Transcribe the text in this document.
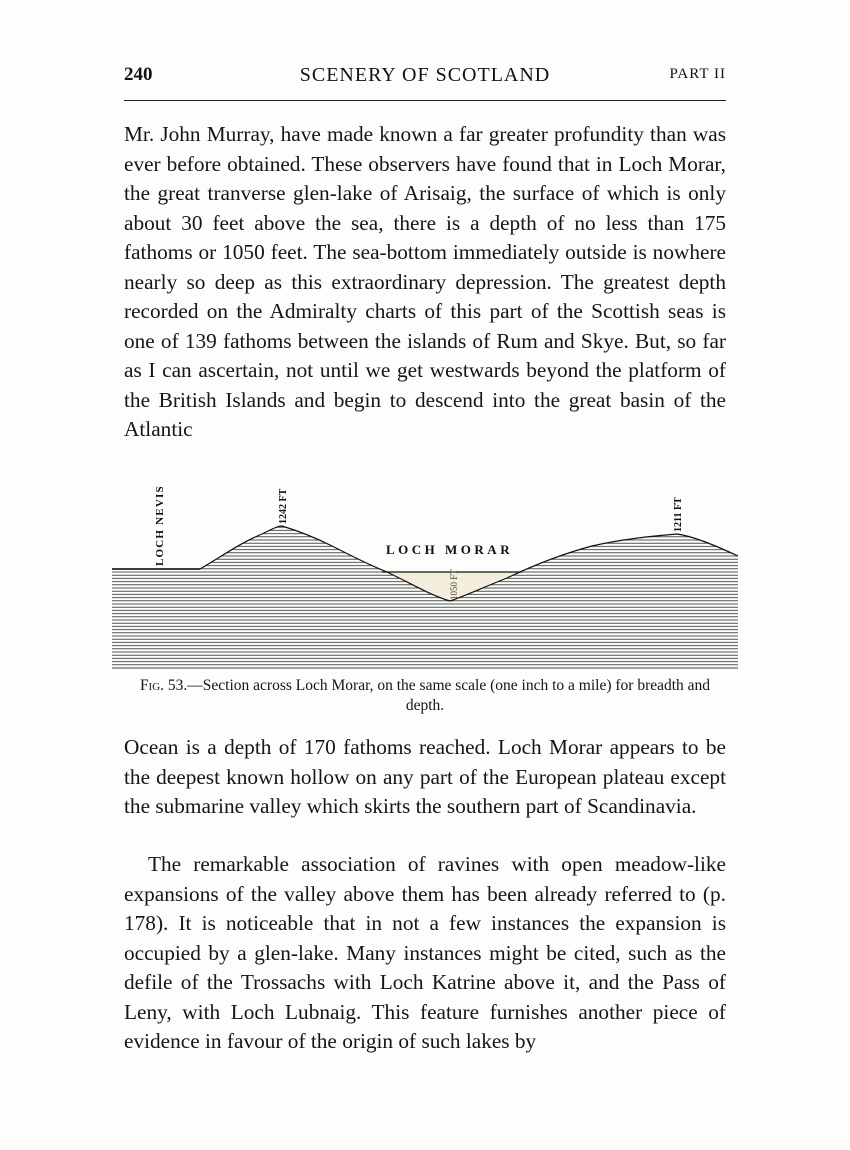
240	SCENERY OF SCOTLAND	PART II

Mr. John Murray, have made known a far greater profundity than was ever before obtained. These observers have found that in Loch Morar, the great tranverse glen-lake of Arisaig, the surface of which is only about 30 feet above the sea, there is a depth of no less than 175 fathoms or 1050 feet. The sea-bottom immediately outside is nowhere nearly so deep as this extraordinary depression. The greatest depth recorded on the Admiralty charts of this part of the Scottish seas is one of 139 fathoms between the islands of Rum and Skye. But, so far as I can ascertain, not until we get westwards beyond the platform of the British Islands and begin to descend into the great basin of the Atlantic

LOCH NEVIS	1242 FT
LOCH MORAR
1050 FT
1211 FT
Fig. 53.—Section across Loch Morar, on the same scale (one inch to a mile) for breadth and depth.

Ocean is a depth of 170 fathoms reached. Loch Morar appears to be the deepest known hollow on any part of the European plateau except the submarine valley which skirts the southern part of Scandinavia.

The remarkable association of ravines with open meadow-like expansions of the valley above them has been already referred to (p. 178). It is noticeable that in not a few instances the expansion is occupied by a glen-lake. Many instances might be cited, such as the defile of the Trossachs with Loch Katrine above it, and the Pass of Leny, with Loch Lubnaig. This feature furnishes another piece of evidence in favour of the origin of such lakes by
